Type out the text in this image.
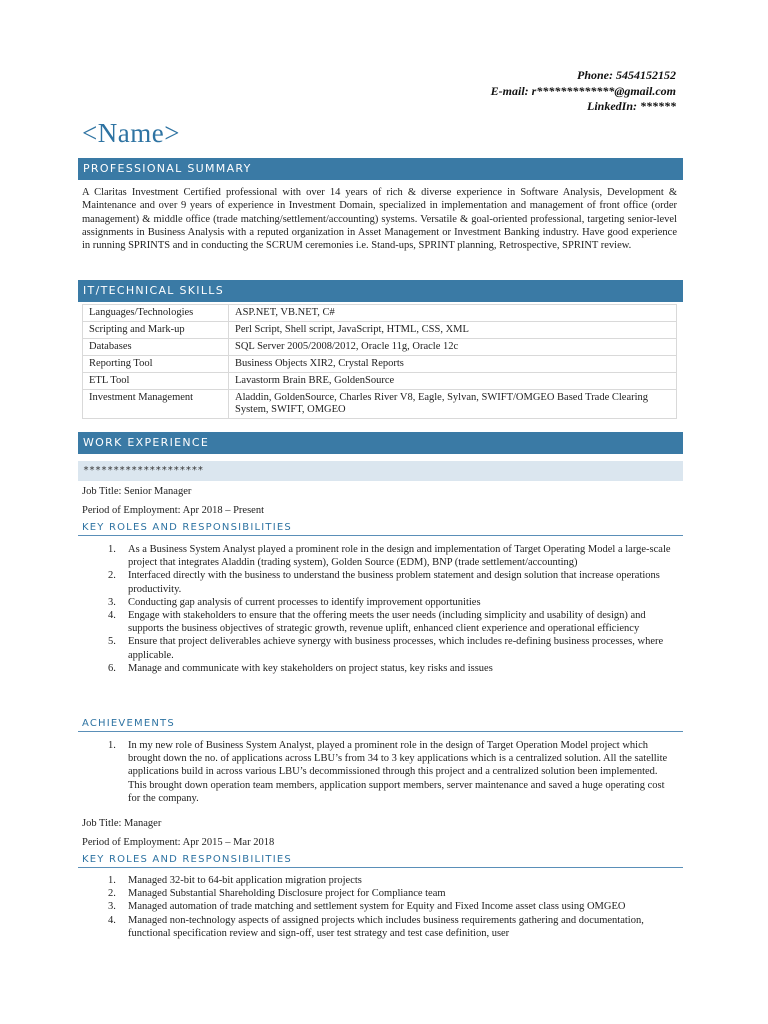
Phone: 5454152152
E-mail: r*************@gmail.com
LinkedIn: ******
<Name>
PROFESSIONAL SUMMARY
A Claritas Investment Certified professional with over 14 years of rich & diverse experience in Software Analysis, Development & Maintenance and over 9 years of experience in Investment Domain, specialized in implementation and management of front office (order management) & middle office (trade matching/settlement/accounting) systems. Versatile & goal-oriented professional, targeting senior-level assignments in Business Analysis with a reputed organization in Asset Management or Investment Banking industry. Have good experience in running SPRINTS and in conducting the SCRUM ceremonies i.e. Stand-ups, SPRINT planning, Retrospective, SPRINT review.
IT/TECHNICAL SKILLS
Languages/Technologies	ASP.NET, VB.NET, C#
Scripting and Mark-up	Perl Script, Shell script, JavaScript, HTML, CSS, XML
Databases	SQL Server 2005/2008/2012, Oracle 11g, Oracle 12c
Reporting Tool	Business Objects XIR2, Crystal Reports
ETL Tool	Lavastorm Brain BRE, GoldenSource
Investment Management	Aladdin, GoldenSource, Charles River V8, Eagle, Sylvan, SWIFT/OMGEO Based Trade Clearing System, SWIFT, OMGEO
WORK EXPERIENCE
********************
Job Title: Senior Manager
Period of Employment: Apr 2018 – Present
KEY ROLES AND RESPONSIBILITIES
1. As a Business System Analyst played a prominent role in the design and implementation of Target Operating Model a large-scale project that integrates Aladdin (trading system), Golden Source (EDM), BNP (trade settlement/accounting)
2. Interfaced directly with the business to understand the business problem statement and design solution that increase operations productivity.
3. Conducting gap analysis of current processes to identify improvement opportunities
4. Engage with stakeholders to ensure that the offering meets the user needs (including simplicity and usability of design) and supports the business objectives of strategic growth, revenue uplift, enhanced client experience and operational efficiency
5. Ensure that project deliverables achieve synergy with business processes, which includes re-defining business processes, where applicable.
6. Manage and communicate with key stakeholders on project status, key risks and issues
ACHIEVEMENTS
1. In my new role of Business System Analyst, played a prominent role in the design of Target Operation Model project which brought down the no. of applications across LBU’s from 34 to 3 key applications which is a centralized solution. All the satellite applications build in across various LBU’s decommissioned through this project and a centralized solution been implemented. This brought down operation team members, application support members, server maintenance and saved a huge operating cost for the company.
Job Title: Manager
Period of Employment: Apr 2015 – Mar 2018
KEY ROLES AND RESPONSIBILITIES
1. Managed 32-bit to 64-bit application migration projects
2. Managed Substantial Shareholding Disclosure project for Compliance team
3. Managed automation of trade matching and settlement system for Equity and Fixed Income asset class using OMGEO
4. Managed non-technology aspects of assigned projects which includes business requirements gathering and documentation, functional specification review and sign-off, user test strategy and test case definition, user
